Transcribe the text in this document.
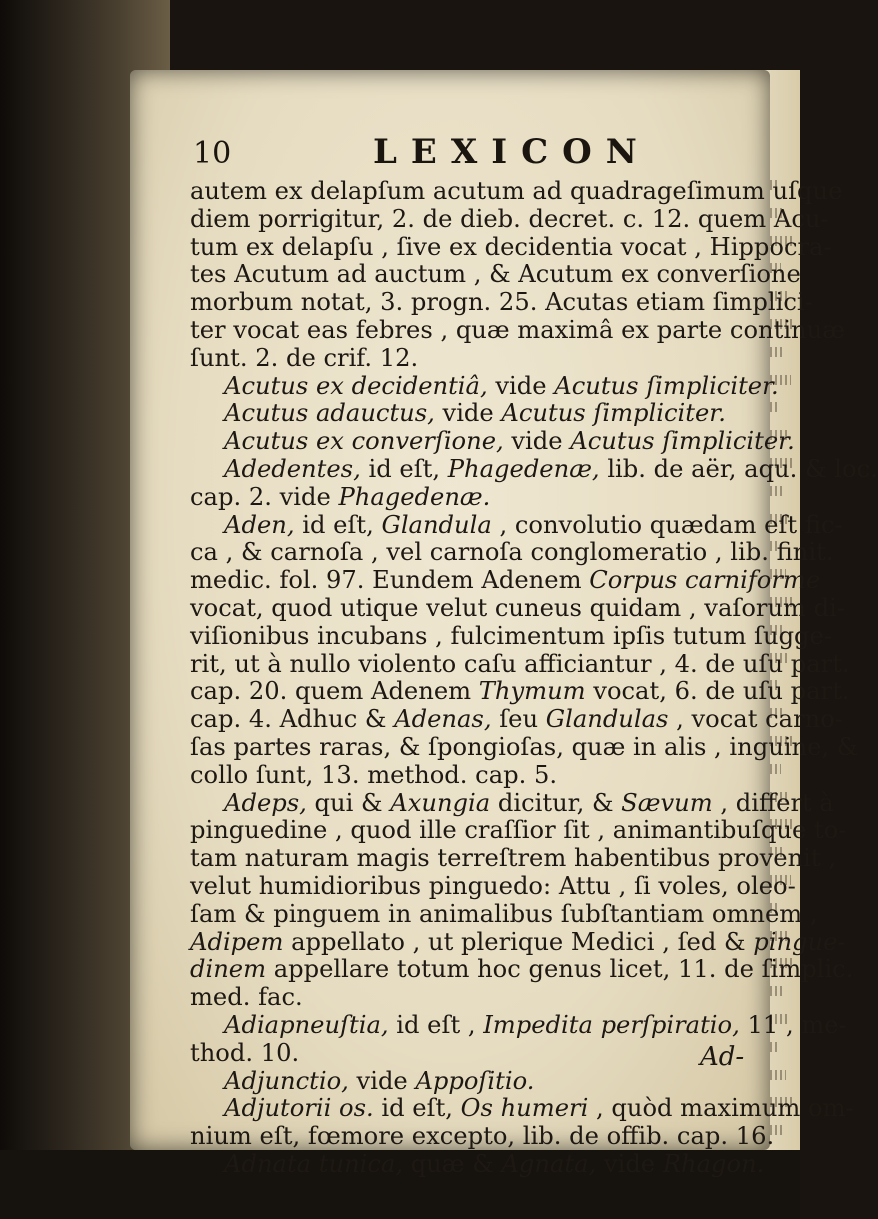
10	LEXICON
autem ex delapſum acutum ad quadrageſimum uſque
diem porrigitur, 2. de dieb. decret. c. 12. quem Acu-
tum ex delapſu , ſive ex decidentia vocat , Hippocra-
tes Acutum ad auctum , & Acutum ex converſione
morbum notat, 3. progn. 25. Acutas etiam ſimplici-
ter vocat eas febres , quæ maximâ ex parte continuæ
ſunt. 2. de crif. 12.
Acutus ex decidentiâ, vide Acutus ſimpliciter.
Acutus adauctus, vide Acutus ſimpliciter.
Acutus ex converſione, vide Acutus ſimpliciter.
Adedentes, id eſt, Phagedenæ, lib. de aër, aqu. & loc.
cap. 2. vide Phagedenæ.
Aden, id eſt, Glandula , convolutio quædam eſt fic-
ca , & carnoſa , vel carnoſa conglomeratio , lib. finit.
medic. fol. 97. Eundem Adenem Corpus carniforme
vocat, quod utique velut cuneus quidam , vaſorum di-
viſionibus incubans , fulcimentum ipſis tutum ſugge-
rit, ut à nullo violento caſu afficiantur , 4. de uſu part.
cap. 20. quem Adenem Thymum vocat, 6. de uſu part.
cap. 4. Adhuc & Adenas, ſeu Glandulas , vocat carno-
ſas partes raras, & ſpongioſas, quæ in alis , inguine, &
collo ſunt, 13. method. cap. 5.
Adeps, qui & Axungia dicitur, & Sævum , differt à
pinguedine , quod ille craſſior ſit , animantibuſque to-
tam naturam magis terreſtrem habentibus provenit ,
velut humidioribus pinguedo: Attu , ſi voles, oleo-
ſam & pinguem in animalibus ſubſtantiam omnem ,
Adipem appellato , ut plerique Medici , ſed & pingue-
dinem appellare totum hoc genus licet, 11. de ſimplic.
med. fac.
Adiapneuſtia, id eſt , Impedita perſpiratio, 11 , me-
thod. 10.
Adjunctio, vide Appoſitio.
Adjutorii os. id eſt, Os humeri , quòd maximum om-
nium eſt, fœmore excepto, lib. de offib. cap. 16.
Adnata tunica, quæ & Agnata, vide Rhagon.
Ad-
